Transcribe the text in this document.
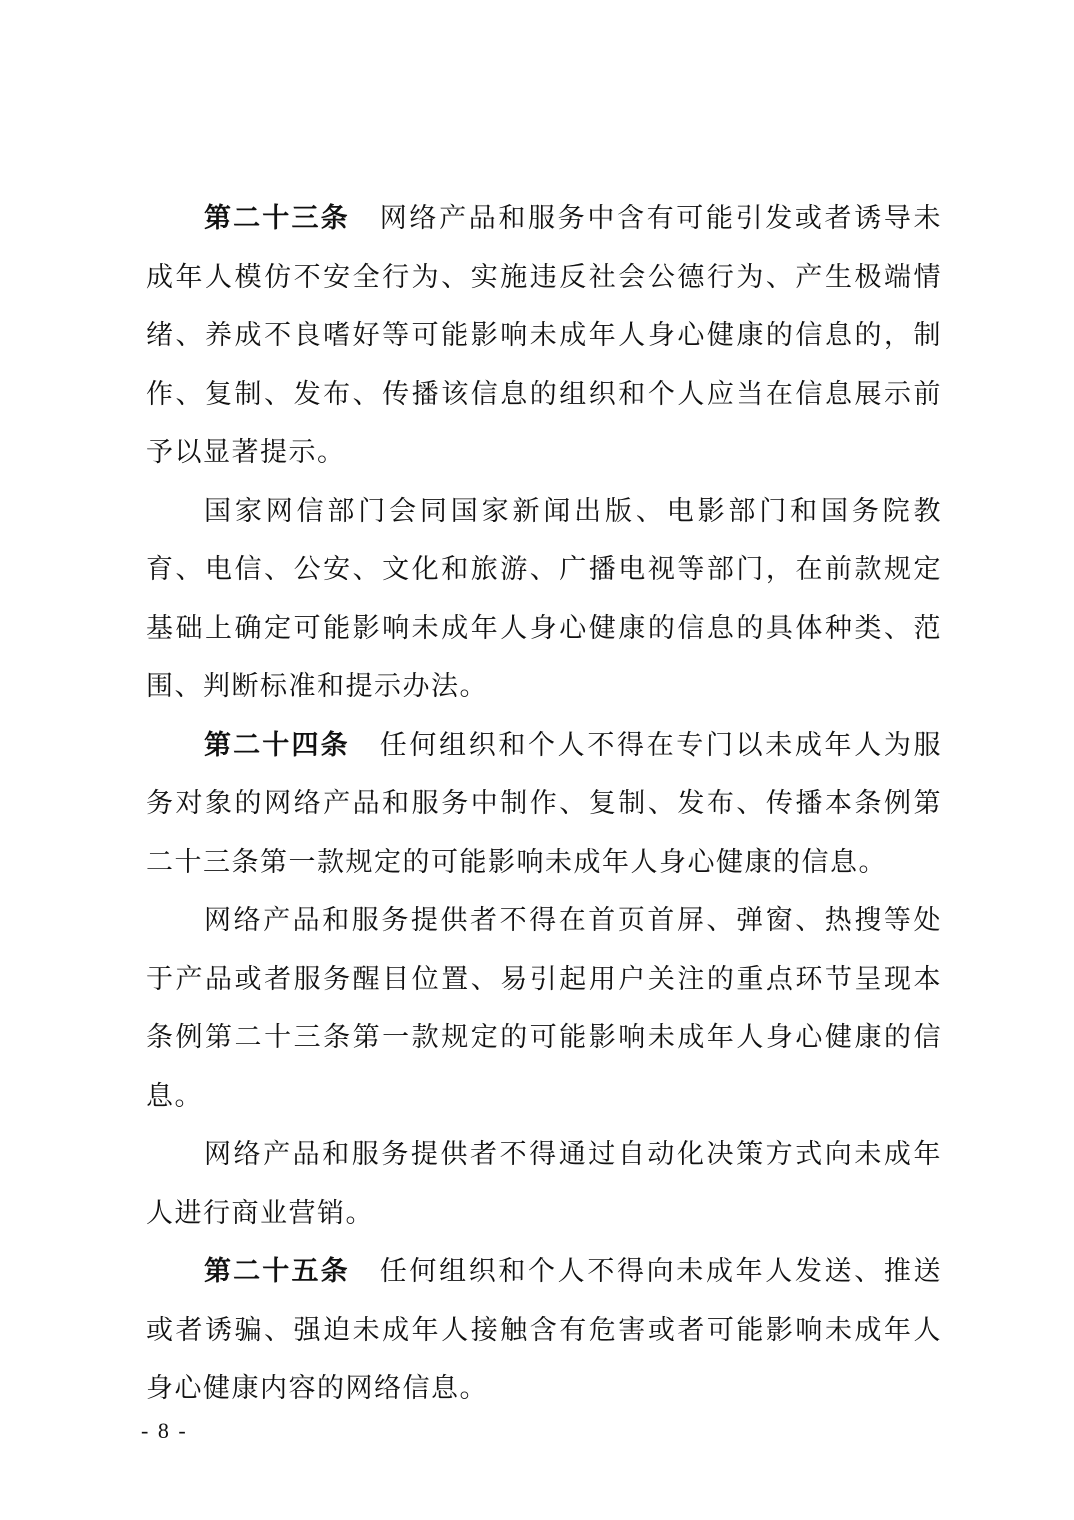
第二十三条 网络产品和服务中含有可能引发或者诱导未成年人模仿不安全行为、实施违反社会公德行为、产生极端情绪、养成不良嗜好等可能影响未成年人身心健康的信息的，制作、复制、发布、传播该信息的组织和个人应当在信息展示前予以显著提示。

国家网信部门会同国家新闻出版、电影部门和国务院教育、电信、公安、文化和旅游、广播电视等部门，在前款规定基础上确定可能影响未成年人身心健康的信息的具体种类、范围、判断标准和提示办法。

第二十四条 任何组织和个人不得在专门以未成年人为服务对象的网络产品和服务中制作、复制、发布、传播本条例第二十三条第一款规定的可能影响未成年人身心健康的信息。

网络产品和服务提供者不得在首页首屏、弹窗、热搜等处于产品或者服务醒目位置、易引起用户关注的重点环节呈现本条例第二十三条第一款规定的可能影响未成年人身心健康的信息。

网络产品和服务提供者不得通过自动化决策方式向未成年人进行商业营销。

第二十五条 任何组织和个人不得向未成年人发送、推送或者诱骗、强迫未成年人接触含有危害或者可能影响未成年人身心健康内容的网络信息。

- 8 -
